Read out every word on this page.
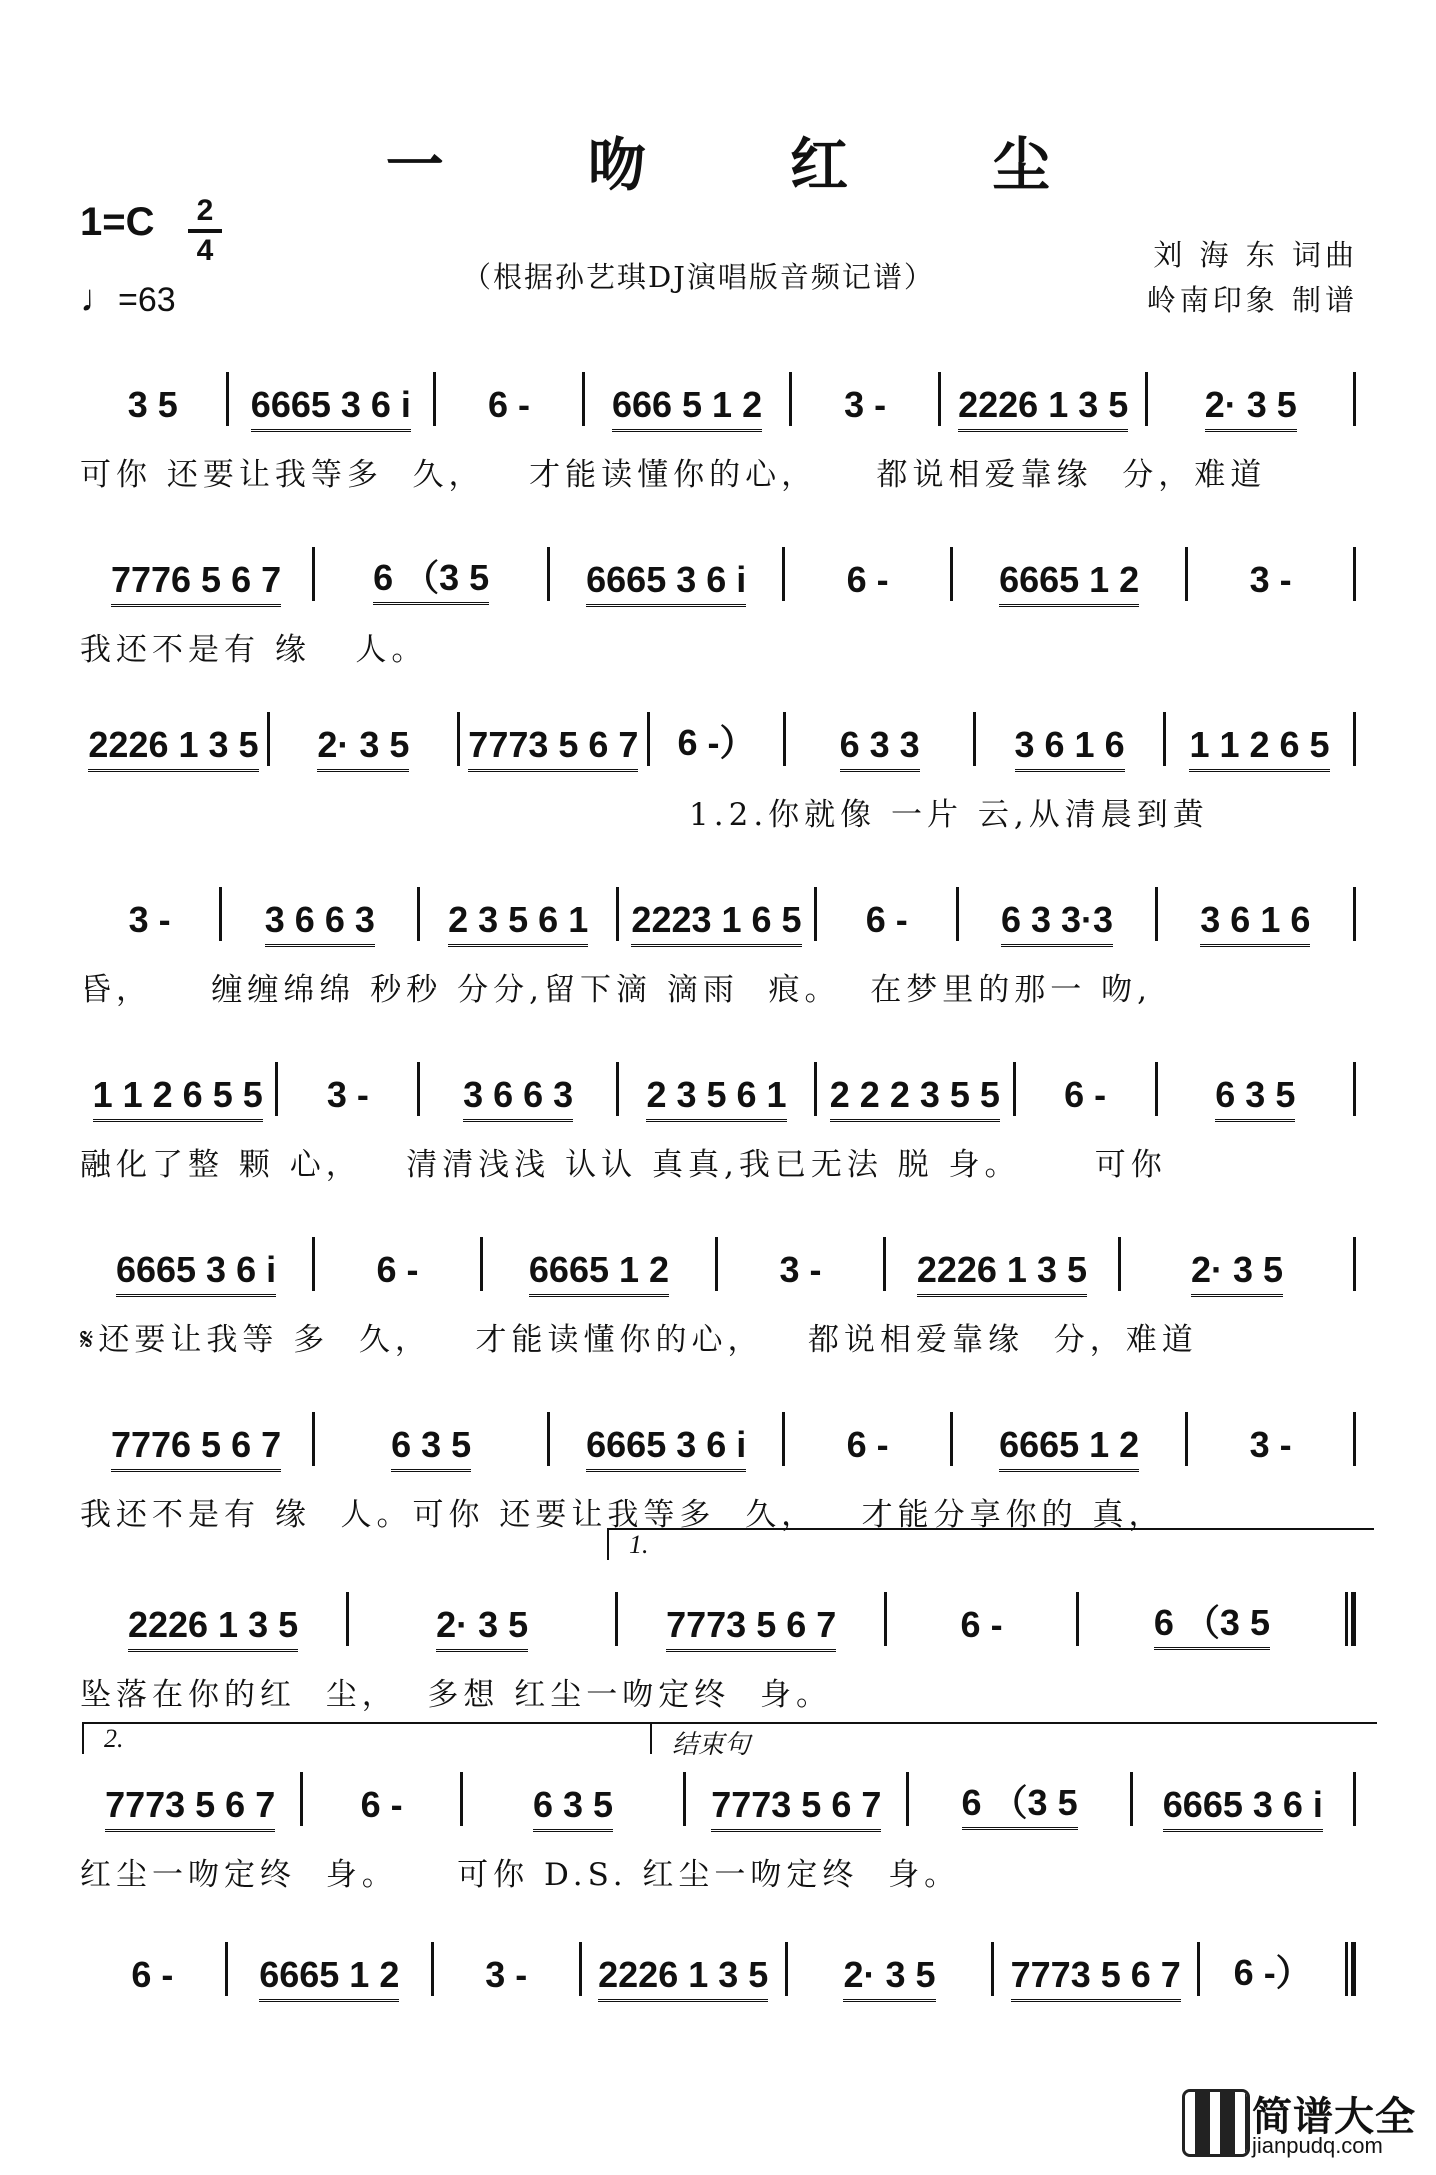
一 吻 红 尘
1=C 2
4
♩=63
（根据孙艺琪DJ演唱版音频记谱）
刘 海 东 词曲
岭南印象 制谱
3 5	6665 3 6 i	6 -	666 5 1 2	3 -	2226 1 3 5	2· 3 5
可你 还要让我等多  久，   才能读懂你的心，    都说相爱靠缘  分，难道
7776 5 6 7	6 （3 5	6665 3 6 i	6 -	6665 1 2	3 -
我还不是有 缘   人。
2226 1 3 5	2· 3 5	7773 5 6 7	6 -）	6 3 3	3 6 1 6	1 1 2 6 5
1.2.你就像 一片 云,从清晨到黄
3 -	3 6 6 3	2 3 5 6 1	2223 1 6 5	6 -	6 3 3·3	3 6 1 6
昏，    缠缠绵绵 秒秒 分分,留下滴 滴雨  痕。  在梦里的那一 吻,
1 1 2 6 5 5	3 -	3 6 6 3	2 3 5 6 1	2 2 2 3 5 5	6 -	6 3 5
融化了整 颗 心，   清清浅浅 认认 真真,我已无法 脱 身。     可你
6665 3 6 i	6 -	6665 1 2	3 -	2226 1 3 5	2· 3 5
𝄋还要让我等 多  久，   才能读懂你的心，   都说相爱靠缘  分，难道
7776 5 6 7	6 3 5	6665 3 6 i	6 -	6665 1 2	3 -
我还不是有 缘  人。可你 还要让我等多  久，   才能分享你的 真，
2226 1 3 5	2· 3 5	7773 5 6 7	6 -	6 （3 5
坠落在你的红  尘，  多想 红尘一吻定终  身。
7773 5 6 7	6 -	6 3 5	7773 5 6 7	6 （3 5	6665 3 6 i
红尘一吻定终  身。    可你 D.S. 红尘一吻定终  身。
6 -	6665 1 2	3 -	2226 1 3 5	2· 3 5	7773 5 6 7	6 -）
1.
2.	结束句
简谱大全
jianpudq.com
